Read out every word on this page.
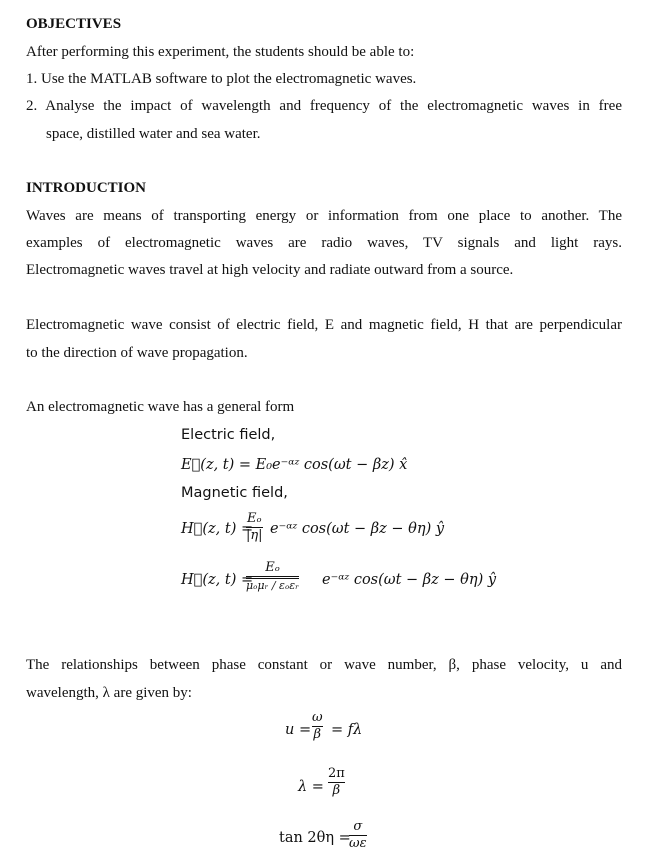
OBJECTIVES
After performing this experiment, the students should be able to:
1. Use the MATLAB software to plot the electromagnetic waves.
2. Analyse the impact of wavelength and frequency of the electromagnetic waves in free
space, distilled water and sea water.
INTRODUCTION
Waves are means of transporting energy or information from one place to another. The
examples of electromagnetic waves are radio waves, TV signals and light rays.
Electromagnetic waves travel at high velocity and radiate outward from a source.
Electromagnetic wave consist of electric field, E and magnetic field, H that are perpendicular
to the direction of wave propagation.
An electromagnetic wave has a general form
Electric field,
E⃗(z, t) = E₀e⁻ᵅᶻ cos(ωt − βz) x̂
Magnetic field,
H⃗(z, t) =
Eₒ
|η| e⁻ᵅᶻ cos(ωt − βz − θη) ŷ
H⃗(z, t) =
Eₒ
μₒμᵣ / εₒεᵣ e⁻ᵅᶻ cos(ωt − βz − θη) ŷ
The relationships between phase constant or wave number, β, phase velocity, u and
wavelength, λ are given by:
u =
ω
β = fλ
λ =
2π
β
tan 2θη =
σ
ωε
